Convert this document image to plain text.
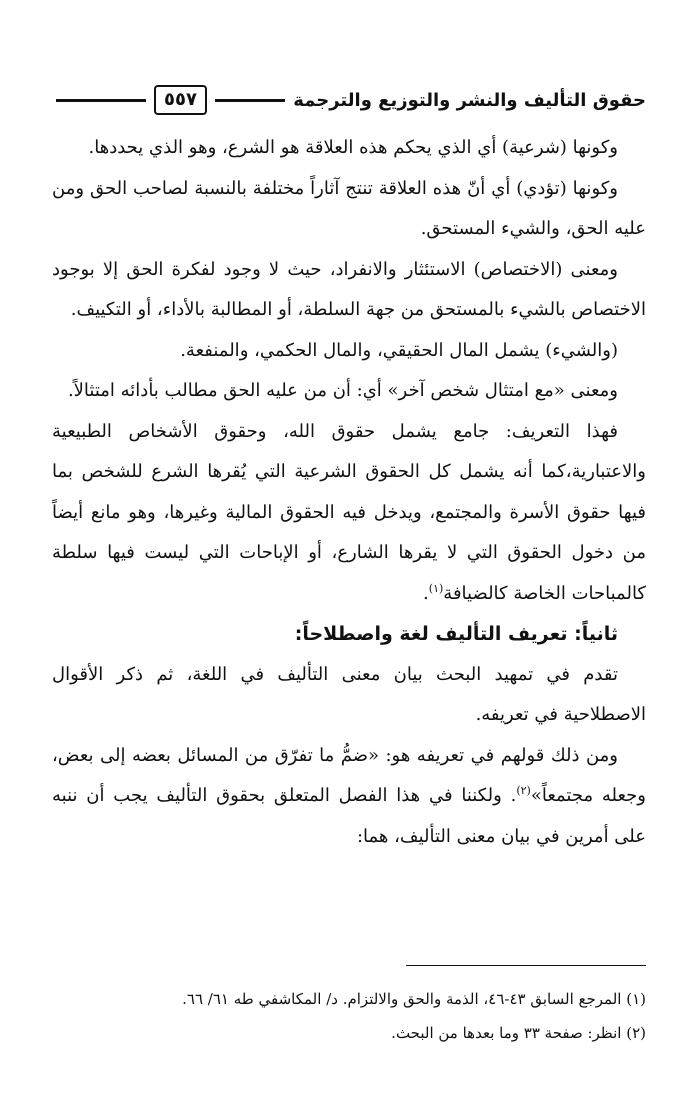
حقوق التأليف والنشر والتوزيع والترجمة
٥٥٧

وكونها (شرعية) أي الذي يحكم هذه العلاقة هو الشرع، وهو الذي يحددها.

وكونها (تؤدي) أي أنّ هذه العلاقة تنتج آثاراً مختلفة بالنسبة لصاحب الحق ومن عليه الحق، والشيء المستحق.

ومعنى (الاختصاص) الاستئثار والانفراد، حيث لا وجود لفكرة الحق إلا بوجود الاختصاص بالشيء بالمستحق من جهة السلطة، أو المطالبة بالأداء، أو التكييف.

(والشيء) يشمل المال الحقيقي، والمال الحكمي، والمنفعة.

ومعنى «مع امتثال شخص آخر» أي: أن من عليه الحق مطالب بأدائه امتثالاً.

فهذا التعريف: جامع يشمل حقوق الله، وحقوق الأشخاص الطبيعية والاعتبارية،كما أنه يشمل كل الحقوق الشرعية التي يُقرها الشرع للشخص بما فيها حقوق الأسرة والمجتمع، ويدخل فيه الحقوق المالية وغيرها، وهو مانع أيضاً من دخول الحقوق التي لا يقرها الشارع، أو الإباحات التي ليست فيها سلطة كالمباحات الخاصة كالضيافة$^{(١)}$.

ثانياً: تعريف التأليف لغة واصطلاحاً:

تقدم في تمهيد البحث بيان معنى التأليف في اللغة، ثم ذكر الأقوال الاصطلاحية في تعريفه.

ومن ذلك قولهم في تعريفه هو: «ضمُّ ما تفرّق من المسائل بعضه إلى بعض، وجعله مجتمعاً»$^{(٢)}$. ولكننا في هذا الفصل المتعلق بحقوق التأليف يجب أن ننبه على أمرين في بيان معنى التأليف، هما:

(١) المرجع السابق ٤٣-٤٦، الذمة والحق والالتزام. د/ المكاشفي طه ٦١/ ٦٦.

(٢) انظر: صفحة ٣٣ وما بعدها من البحث.
